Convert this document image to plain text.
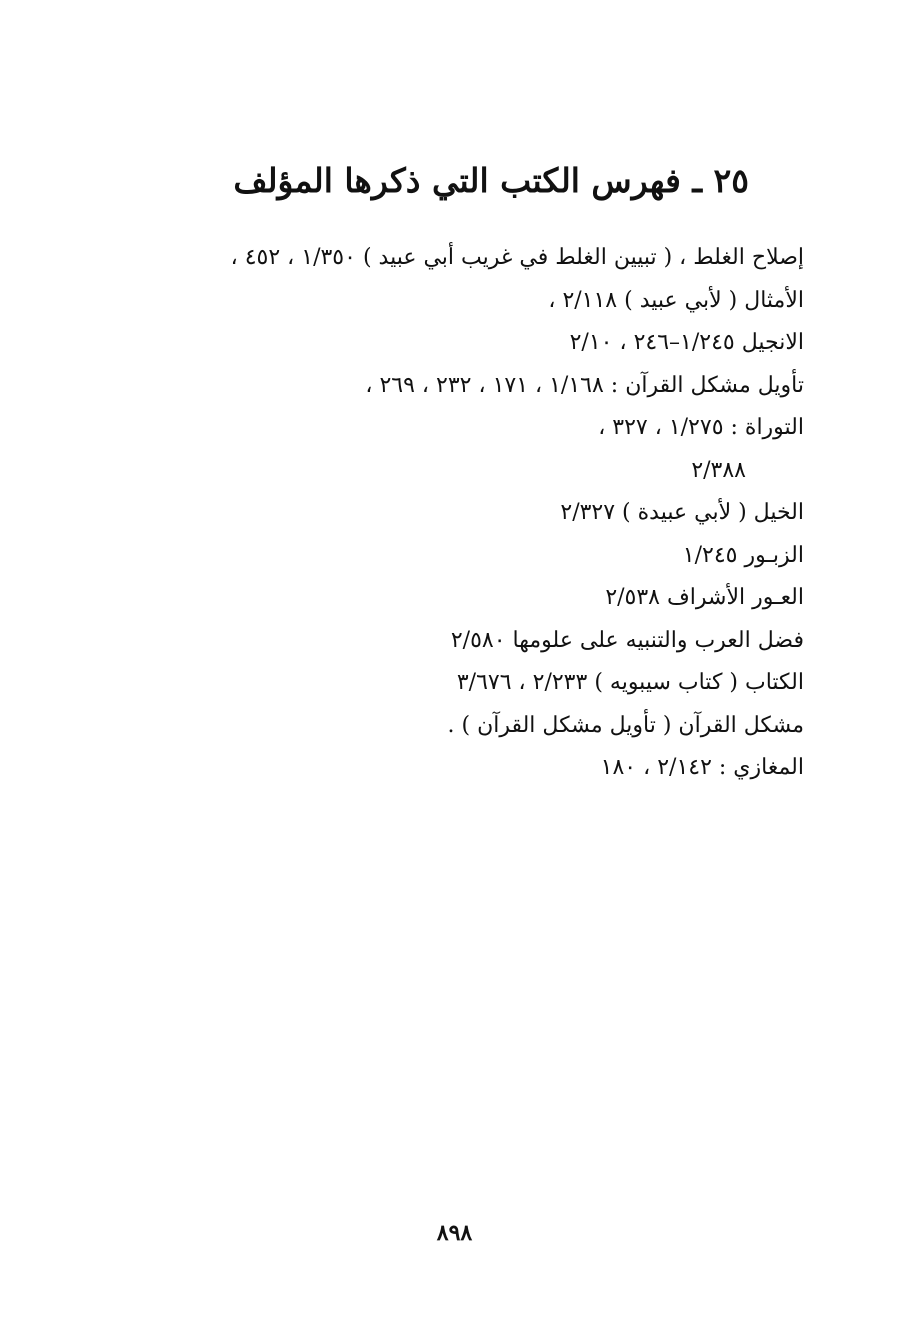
٢٥ ـ فهرس الكتب التي ذكرها المؤلف
إصلاح الغلط ، ( تبيين الغلط في غريب أبي عبيد ) ١/٣٥٠ ، ٤٥٢ ،
الأمثال ( لأبي عبيد ) ٢/١١٨ ،
الانجيل ١/٢٤٥–٢٤٦ ، ٢/١٠
تأويل مشكل القرآن : ١/١٦٨ ، ١٧١ ، ٢٣٢ ، ٢٦٩ ،
التوراة : ١/٢٧٥ ، ٣٢٧ ،
٢/٣٨٨
الخيل ( لأبي عبيدة ) ٢/٣٢٧
الزبـور ١/٢٤٥
العـور الأشراف ٢/٥٣٨
فضل العرب والتنبيه على علومها ٢/٥٨٠
الكتاب ( كتاب سيبويه ) ٢/٢٣٣ ، ٣/٦٧٦
مشكل القرآن ( تأويل مشكل القرآن ) .
المغازي : ٢/١٤٢ ، ١٨٠
٨٩٨
